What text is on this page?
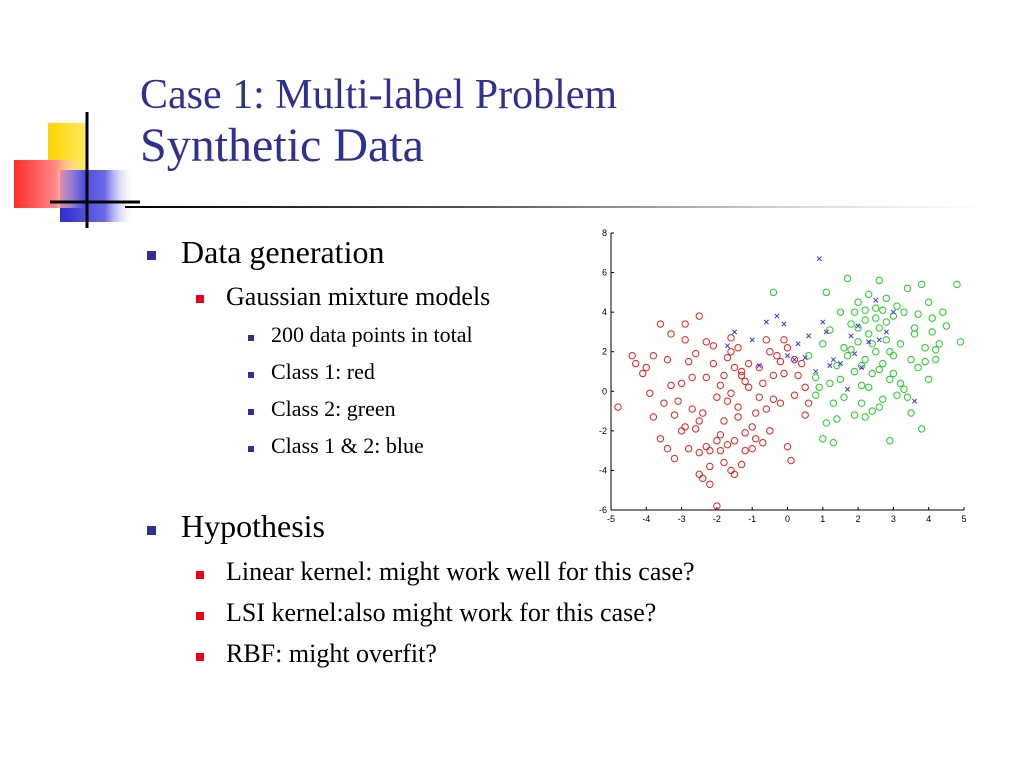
Case 1: Multi-label Problem
Synthetic Data
Data generation
Gaussian mixture models
200 data points in total
Class 1: red
Class 2: green
Class 1 & 2: blue
Hypothesis
Linear kernel: might work well for this case?
LSI kernel:also might work for this case?
RBF: might overfit?
-5	-4	-3	-2	-1	0	1	2	3	4	5
-6
-4
-2
0
2
4
6
8
